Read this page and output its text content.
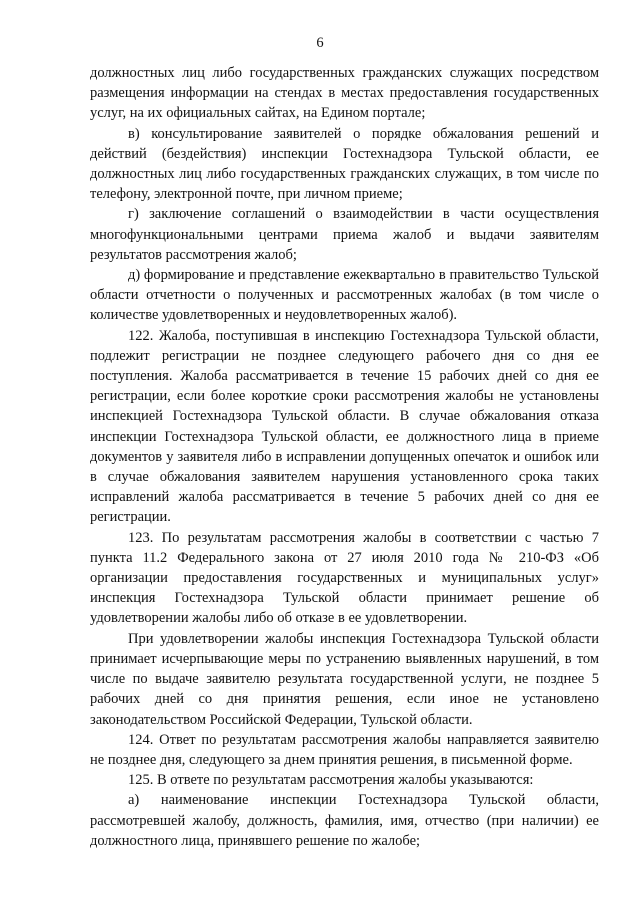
6

должностных лиц либо государственных гражданских служащих посредством размещения информации на стендах в местах предоставления государственных услуг, на их официальных сайтах, на Едином портале;

в) консультирование заявителей о порядке обжалования решений и действий (бездействия) инспекции Гостехнадзора Тульской области, ее должностных лиц либо государственных гражданских служащих, в том числе по телефону, электронной почте, при личном приеме;

г) заключение соглашений о взаимодействии в части осуществления многофункциональными центрами приема жалоб и выдачи заявителям результатов рассмотрения жалоб;

д) формирование и представление ежеквартально в правительство Тульской области отчетности о полученных и рассмотренных жалобах (в том числе о количестве удовлетворенных и неудовлетворенных жалоб).

122. Жалоба, поступившая в инспекцию Гостехнадзора Тульской области, подлежит регистрации не позднее следующего рабочего дня со дня ее поступления. Жалоба рассматривается в течение 15 рабочих дней со дня ее регистрации, если более короткие сроки рассмотрения жалобы не установлены инспекцией Гостехнадзора Тульской области. В случае обжалования отказа инспекции Гостехнадзора Тульской области, ее должностного лица в приеме документов у заявителя либо в исправлении допущенных опечаток и ошибок или в случае обжалования заявителем нарушения установленного срока таких исправлений жалоба рассматривается в течение 5 рабочих дней со дня ее регистрации.

123. По результатам рассмотрения жалобы в соответствии с частью 7 пункта 11.2 Федерального закона от 27 июля 2010 года № 210-ФЗ «Об организации предоставления государственных и муниципальных услуг» инспекция Гостехнадзора Тульской области принимает решение об удовлетворении жалобы либо об отказе в ее удовлетворении.

При удовлетворении жалобы инспекция Гостехнадзора Тульской области принимает исчерпывающие меры по устранению выявленных нарушений, в том числе по выдаче заявителю результата государственной услуги, не позднее 5 рабочих дней со дня принятия решения, если иное не установлено законодательством Российской Федерации, Тульской области.

124. Ответ по результатам рассмотрения жалобы направляется заявителю не позднее дня, следующего за днем принятия решения, в письменной форме.

125. В ответе по результатам рассмотрения жалобы указываются:

а) наименование инспекции Гостехнадзора Тульской области, рассмотревшей жалобу, должность, фамилия, имя, отчество (при наличии) ее должностного лица, принявшего решение по жалобе;
